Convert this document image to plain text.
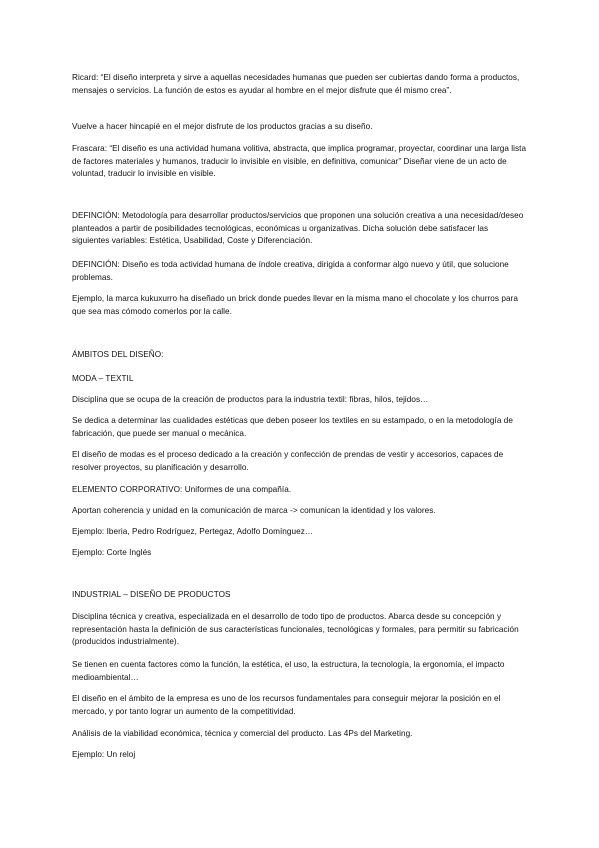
Ricard: “El diseño interpreta y sirve a aquellas necesidades humanas que pueden ser cubiertas dando forma a productos, mensajes o servicios. La función de estos es ayudar al hombre en el mejor disfrute que él mismo crea”.

Vuelve a hacer hincapié en el mejor disfrute de los productos gracias a su diseño.

Frascara: “El diseño es una actividad humana volitiva, abstracta, que implica programar, proyectar, coordinar una larga lista de factores materiales y humanos, traducir lo invisible en visible, en definitiva, comunicar” Diseñar viene de un acto de voluntad, traducir lo invisible en visible.

DEFINCIÓN: Metodología para desarrollar productos/servicios que proponen una solución creativa a una necesidad/deseo planteados a partir de posibilidades tecnológicas, económicas u organizativas. Dicha solución debe satisfacer las siguientes variables: Estética, Usabilidad, Coste y Diferenciación.

DEFINCIÓN: Diseño es toda actividad humana de índole creativa, dirigida a conformar algo nuevo y útil, que solucione problemas.

Ejemplo, la marca kukuxurro ha diseñado un brick donde puedes llevar en la misma mano el chocolate y los churros para que sea mas cómodo comerlos por la calle.

ÁMBITOS DEL DISEÑO:

MODA – TEXTIL

Disciplina que se ocupa de la creación de productos para la industria textil: fibras, hilos, tejidos…

Se dedica a determinar las cualidades estéticas que deben poseer los textiles en su estampado, o en la metodología de fabricación, que puede ser manual o mecánica.

El diseño de modas es el proceso dedicado a la creación y confección de prendas de vestir y accesorios, capaces de resolver proyectos, su planificación y desarrollo.

ELEMENTO CORPORATIVO: Uniformes de una compañía.

Aportan coherencia y unidad en la comunicación de marca -> comunican la identidad y los valores.

Ejemplo: Iberia, Pedro Rodríguez, Pertegaz, Adolfo Domínguez…

Ejemplo: Corte Inglés

INDUSTRIAL – DISEÑO DE PRODUCTOS

Disciplina técnica y creativa, especializada en el desarrollo de todo tipo de productos. Abarca desde su concepción y representación hasta la definición de sus características funcionales, tecnológicas y formales, para permitir su fabricación (producidos industrialmente).

Se tienen en cuenta factores como la función, la estética, el uso, la estructura, la tecnología, la ergonomía, el impacto medioambiental…

El diseño en el ámbito de la empresa es uno de los recursos fundamentales para conseguir mejorar la posición en el mercado, y por tanto lograr un aumento de la competitividad.

Análisis de la viabilidad económica, técnica y comercial del producto. Las 4Ps del Marketing.

Ejemplo: Un reloj
